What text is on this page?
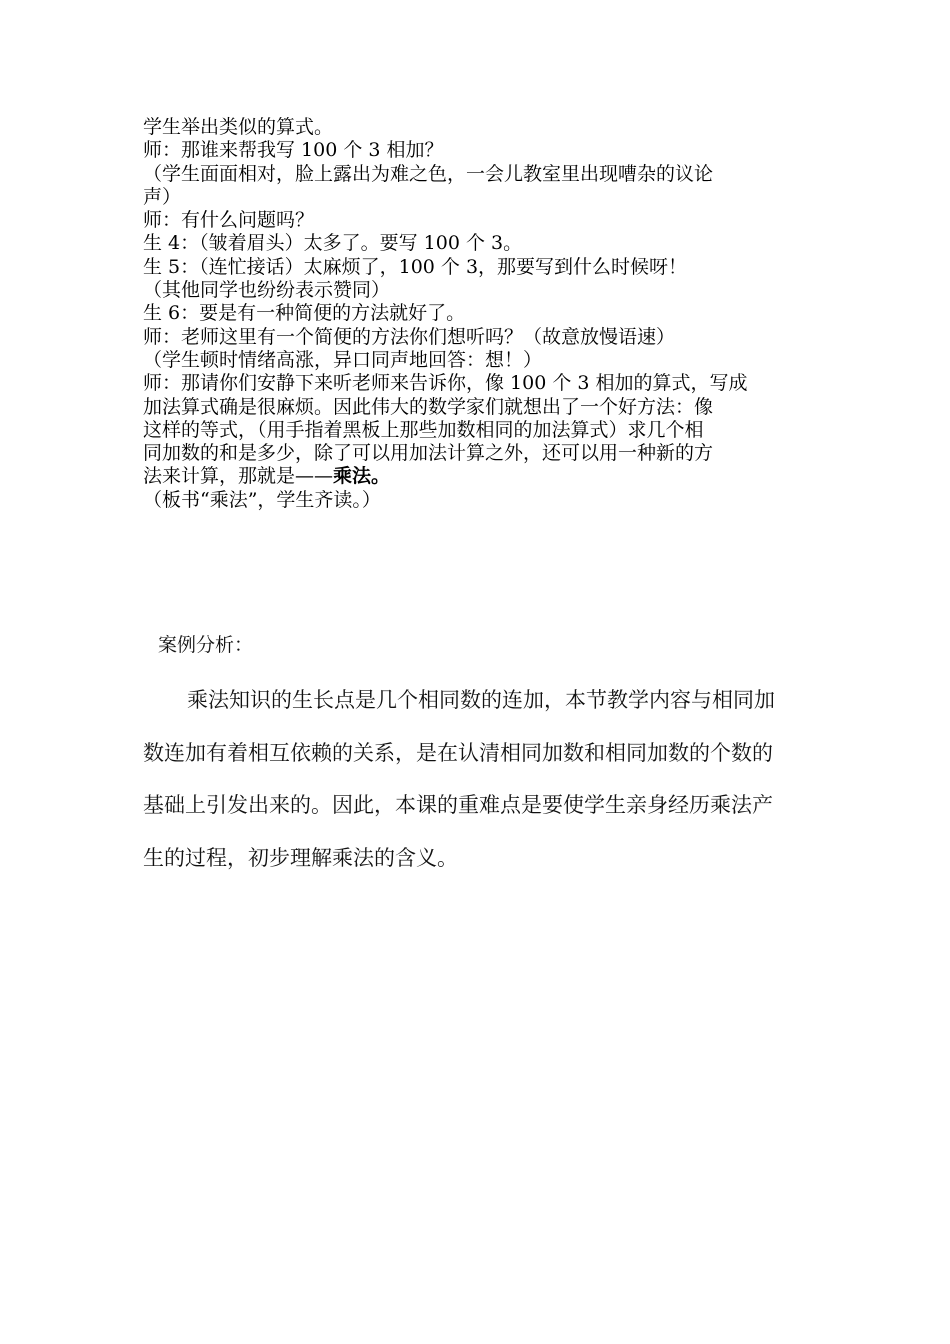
学生举出类似的算式。
师：那谁来帮我写 100 个 3 相加？
（学生面面相对，脸上露出为难之色，一会儿教室里出现嘈杂的议论
声）
师：有什么问题吗？
生 4：（皱着眉头）太多了。要写 100 个 3。
生 5：（连忙接话）太麻烦了，100 个 3，那要写到什么时候呀！
（其他同学也纷纷表示赞同）
生 6：要是有一种简便的方法就好了。
师：老师这里有一个简便的方法你们想听吗？（故意放慢语速）
（学生顿时情绪高涨，异口同声地回答：想！）
师：那请你们安静下来听老师来告诉你，像 100 个 3 相加的算式，写成
加法算式确是很麻烦。因此伟大的数学家们就想出了一个好方法：像
这样的等式，（用手指着黑板上那些加数相同的加法算式）求几个相
同加数的和是多少，除了可以用加法计算之外，还可以用一种新的方
法来计算，那就是——乘法。
（板书“乘法”，学生齐读。）
案例分析：
乘法知识的生长点是几个相同数的连加，本节教学内容与相同加
数连加有着相互依赖的关系，是在认清相同加数和相同加数的个数的
基础上引发出来的。因此，本课的重难点是要使学生亲身经历乘法产
生的过程，初步理解乘法的含义。
